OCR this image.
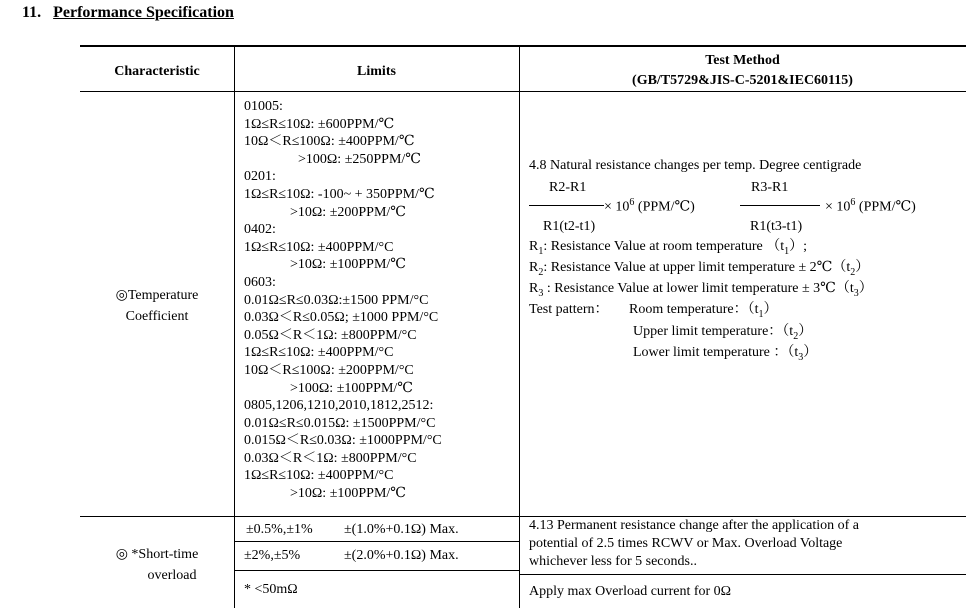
11. Performance Specification
Characteristic	Limits
Test Method
(GB/T5729&JIS-C-5201&IEC60115)
◎Temperature
Coefficient
01005:
1Ω≤R≤10Ω: ±600PPM/℃
10Ω＜R≤100Ω: ±400PPM/℃
>100Ω: ±250PPM/℃
0201:
1Ω≤R≤10Ω: -100~ + 350PPM/℃
>10Ω: ±200PPM/℃
0402:
1Ω≤R≤10Ω: ±400PPM/°C
>10Ω: ±100PPM/℃
0603:
0.01Ω≤R≤0.03Ω:±1500 PPM/°C
0.03Ω＜R≤0.05Ω; ±1000 PPM/°C
0.05Ω＜R＜1Ω: ±800PPM/°C
1Ω≤R≤10Ω: ±400PPM/°C
10Ω＜R≤100Ω: ±200PPM/°C
>100Ω: ±100PPM/℃
0805,1206,1210,2010,1812,2512:
0.01Ω≤R≤0.015Ω: ±1500PPM/°C
0.015Ω＜R≤0.03Ω: ±1000PPM/°C
0.03Ω＜R＜1Ω: ±800PPM/°C
1Ω≤R≤10Ω: ±400PPM/°C
>10Ω: ±100PPM/℃
4.8 Natural resistance changes per temp. Degree centigrade
R2-R1
R1(t2-t1)
× $10^6$ (PPM/℃)
R3-R1
R1(t3-t1)
× $10^6$ (PPM/℃)
$R_1$: Resistance Value at room temperature $(t_1)$;
$R_2$: Resistance Value at upper limit temperature ± $2℃(t_2)$
$R_3$ : Resistance Value at lower limit temperature ± $3℃(t_3)$
Test pattern： Room temperature：$(t_1)$
Upper limit temperature：$(t_2)$
Lower limit temperature ：$(t_3)$
◎ *Short-time
overload
±0.5%,±1% ±(1.0%+0.1Ω) Max.
±2%,±5%	±(2.0%+0.1Ω) Max.
* <50mΩ
4.13 Permanent resistance change after the application of a
potential of 2.5 times RCWV or Max. Overload Voltage
whichever less for 5 seconds..
Apply max Overload current for 0Ω
